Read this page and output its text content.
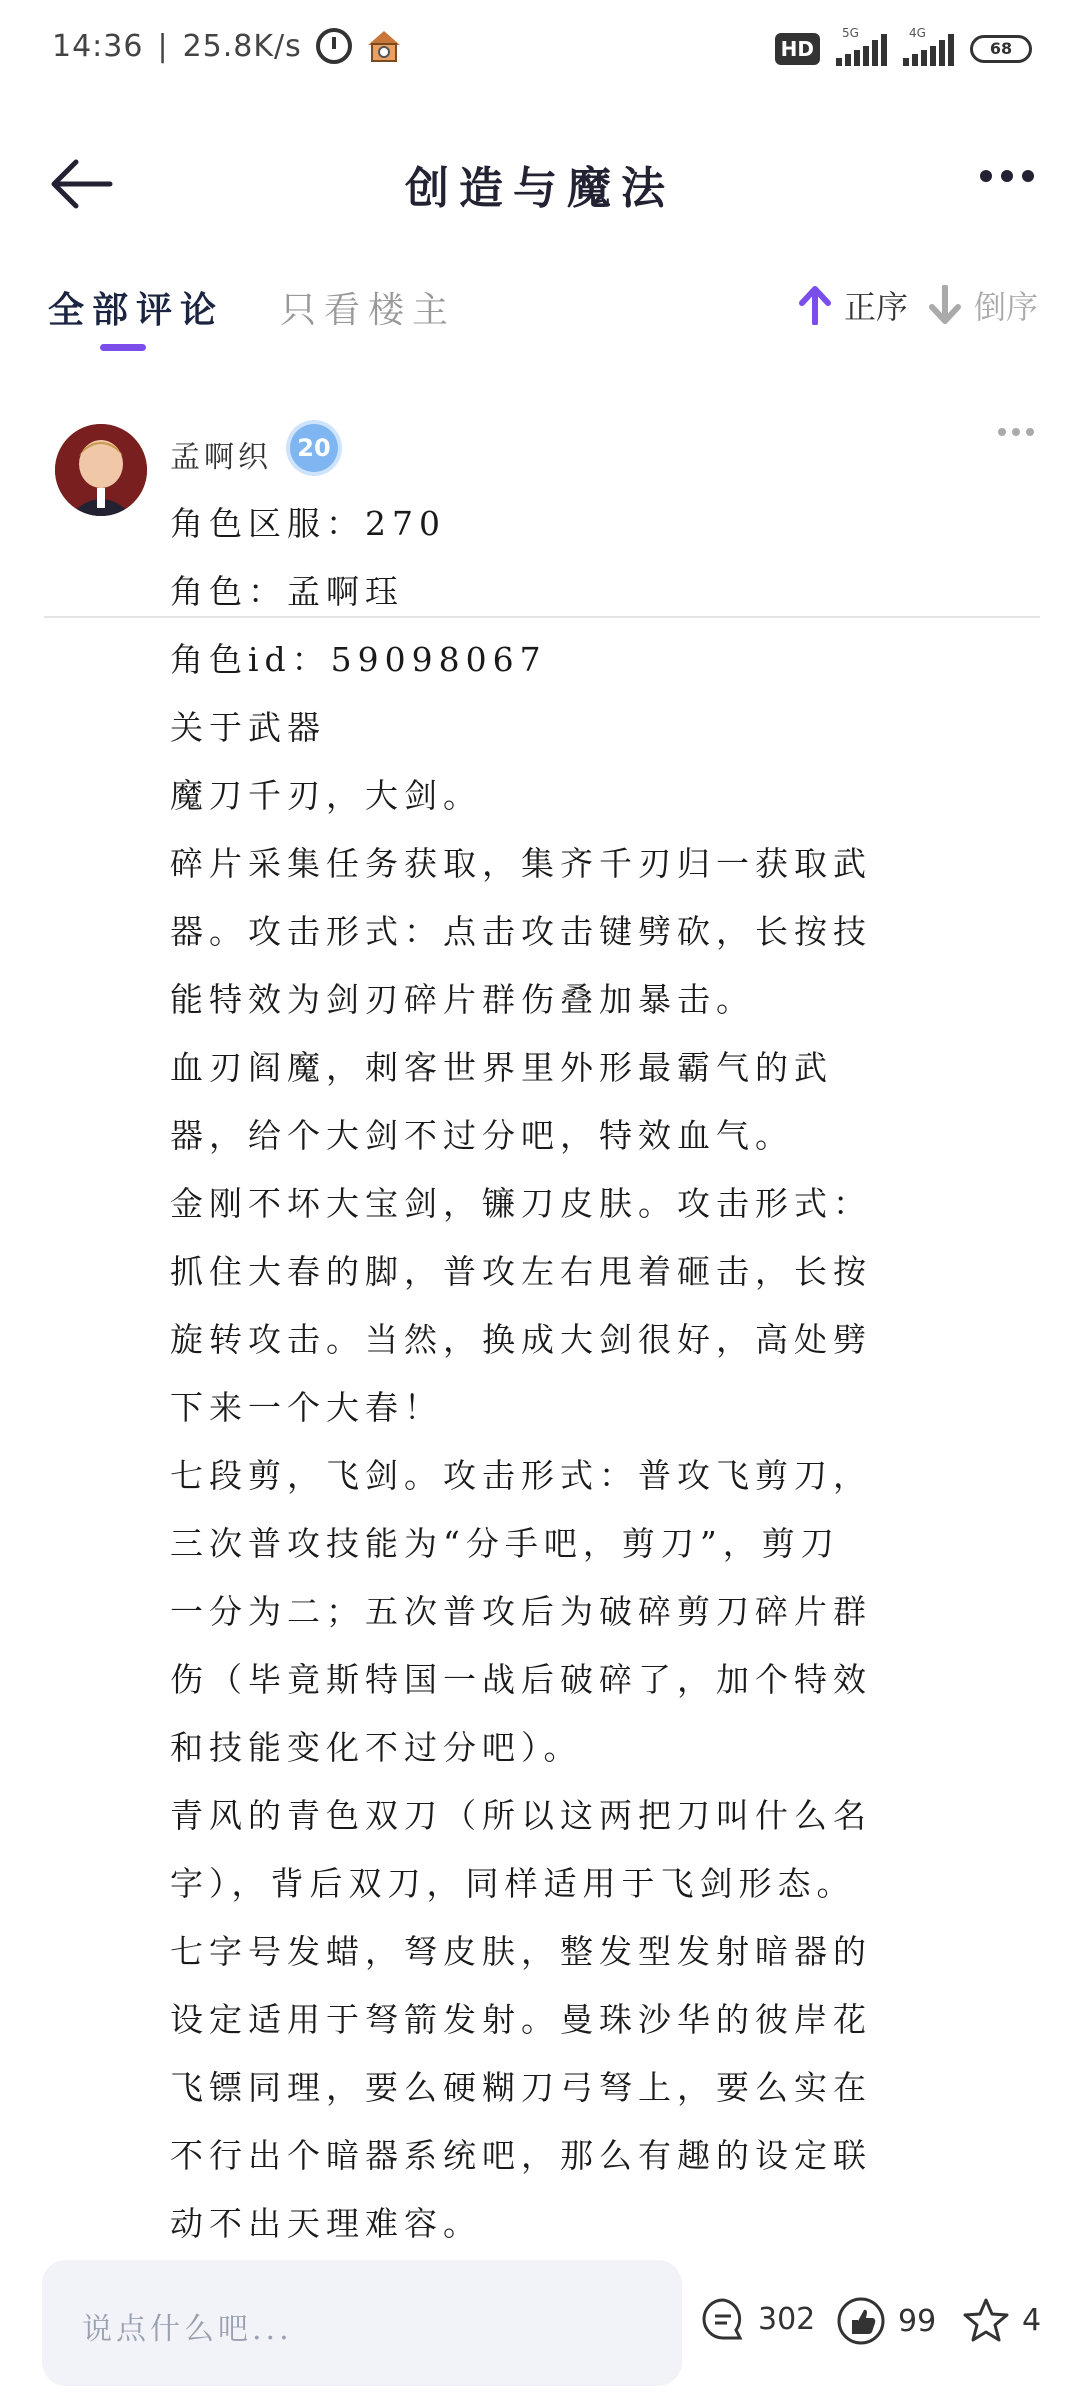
14:36 | 25.8K/s	HD
5G	4G
68
创造与魔法
全部评论 只看楼主	正序 倒序
孟啊织	20
角色区服：270
角色：孟啊珏
角色id：59098067
关于武器
魔刀千刃，大剑。
碎片采集任务获取，集齐千刃归一获取武
器。攻击形式：点击攻击键劈砍，长按技
能特效为剑刃碎片群伤叠加暴击。
血刃阎魔，刺客世界里外形最霸气的武
器，给个大剑不过分吧，特效血气。
金刚不坏大宝剑，镰刀皮肤。攻击形式：
抓住大春的脚，普攻左右甩着砸击，长按
旋转攻击。当然，换成大剑很好，高处劈
下来一个大春！
七段剪，飞剑。攻击形式：普攻飞剪刀，
三次普攻技能为“分手吧，剪刀”，剪刀
一分为二；五次普攻后为破碎剪刀碎片群
伤（毕竟斯特国一战后破碎了，加个特效
和技能变化不过分吧）。
青风的青色双刀（所以这两把刀叫什么名
字），背后双刀，同样适用于飞剑形态。
七字号发蜡，弩皮肤，整发型发射暗器的
设定适用于弩箭发射。曼珠沙华的彼岸花
飞镖同理，要么硬糊刀弓弩上，要么实在
不行出个暗器系统吧，那么有趣的设定联
动不出天理难容。
说点什么吧...	302	99	4
